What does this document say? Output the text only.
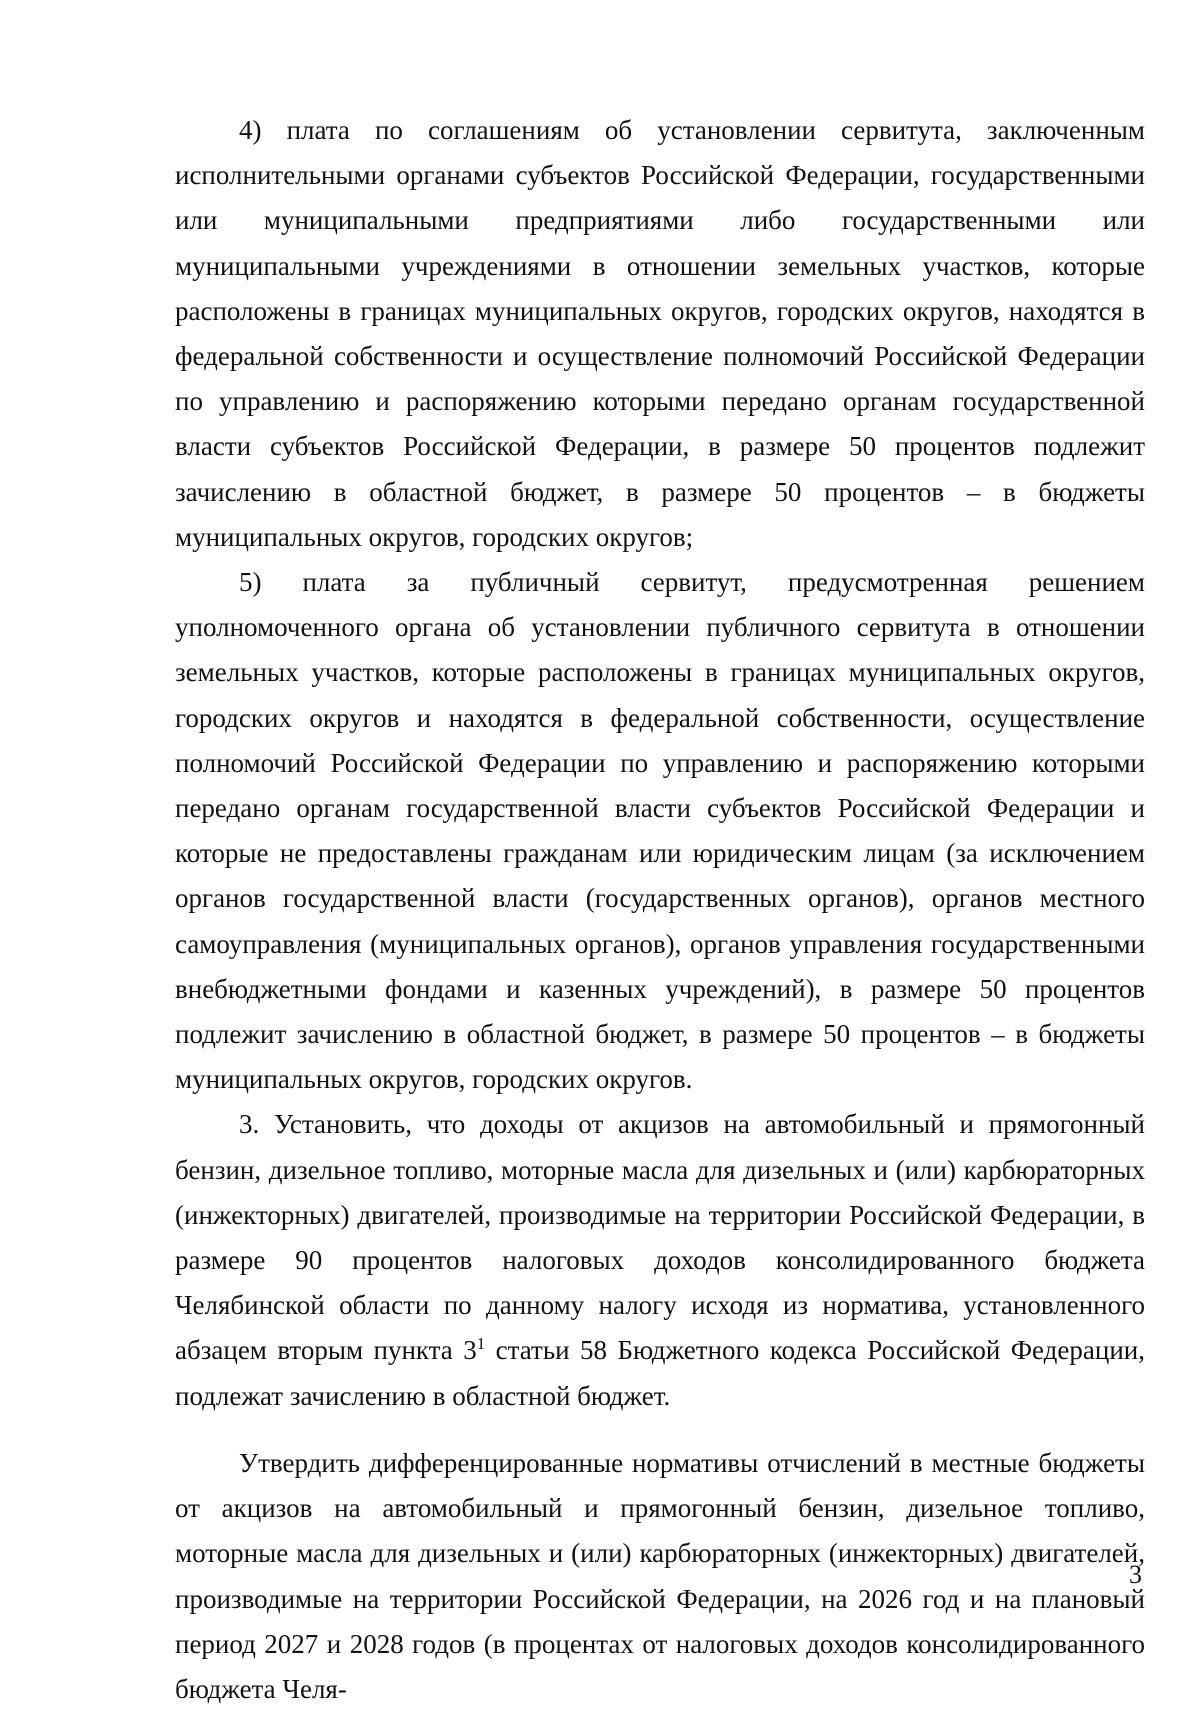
4) плата по соглашениям об установлении сервитута, заключенным исполнительными органами субъектов Российской Федерации, государственными или муниципальными предприятиями либо государственными или муниципальными учреждениями в отношении земельных участков, которые расположены в границах муниципальных округов, городских округов, находятся в федеральной собственности и осуществление полномочий Российской Федерации по управлению и распоряжению которыми передано органам государственной власти субъектов Российской Федерации, в размере 50 процентов подлежит зачислению в областной бюджет, в размере 50 процентов – в бюджеты муниципальных округов, городских округов;

5) плата за публичный сервитут, предусмотренная решением уполномоченного органа об установлении публичного сервитута в отношении земельных участков, которые расположены в границах муниципальных округов, городских округов и находятся в федеральной собственности, осуществление полномочий Российской Федерации по управлению и распоряжению которыми передано органам государственной власти субъектов Российской Федерации и которые не предоставлены гражданам или юридическим лицам (за исключением органов государственной власти (государственных органов), органов местного самоуправления (муниципальных органов), органов управления государственными внебюджетными фондами и казенных учреждений), в размере 50 процентов подлежит зачислению в областной бюджет, в размере 50 процентов – в бюджеты муниципальных округов, городских округов.

3. Установить, что доходы от акцизов на автомобильный и прямогонный бензин, дизельное топливо, моторные масла для дизельных и (или) карбюраторных (инжекторных) двигателей, производимые на территории Российской Федерации, в размере 90 процентов налоговых доходов консолидированного бюджета Челябинской области по данному налогу исходя из норматива, установленного абзацем вторым пункта $3^1$ статьи 58 Бюджетного кодекса Российской Федерации, подлежат зачислению в областной бюджет.

Утвердить дифференцированные нормативы отчислений в местные бюджеты от акцизов на автомобильный и прямогонный бензин, дизельное топливо, моторные масла для дизельных и (или) карбюраторных (инжекторных) двигателей, производимые на территории Российской Федерации, на 2026 год и на плановый период 2027 и 2028 годов (в процентах от налоговых доходов консолидированного бюджета Челя-

3
